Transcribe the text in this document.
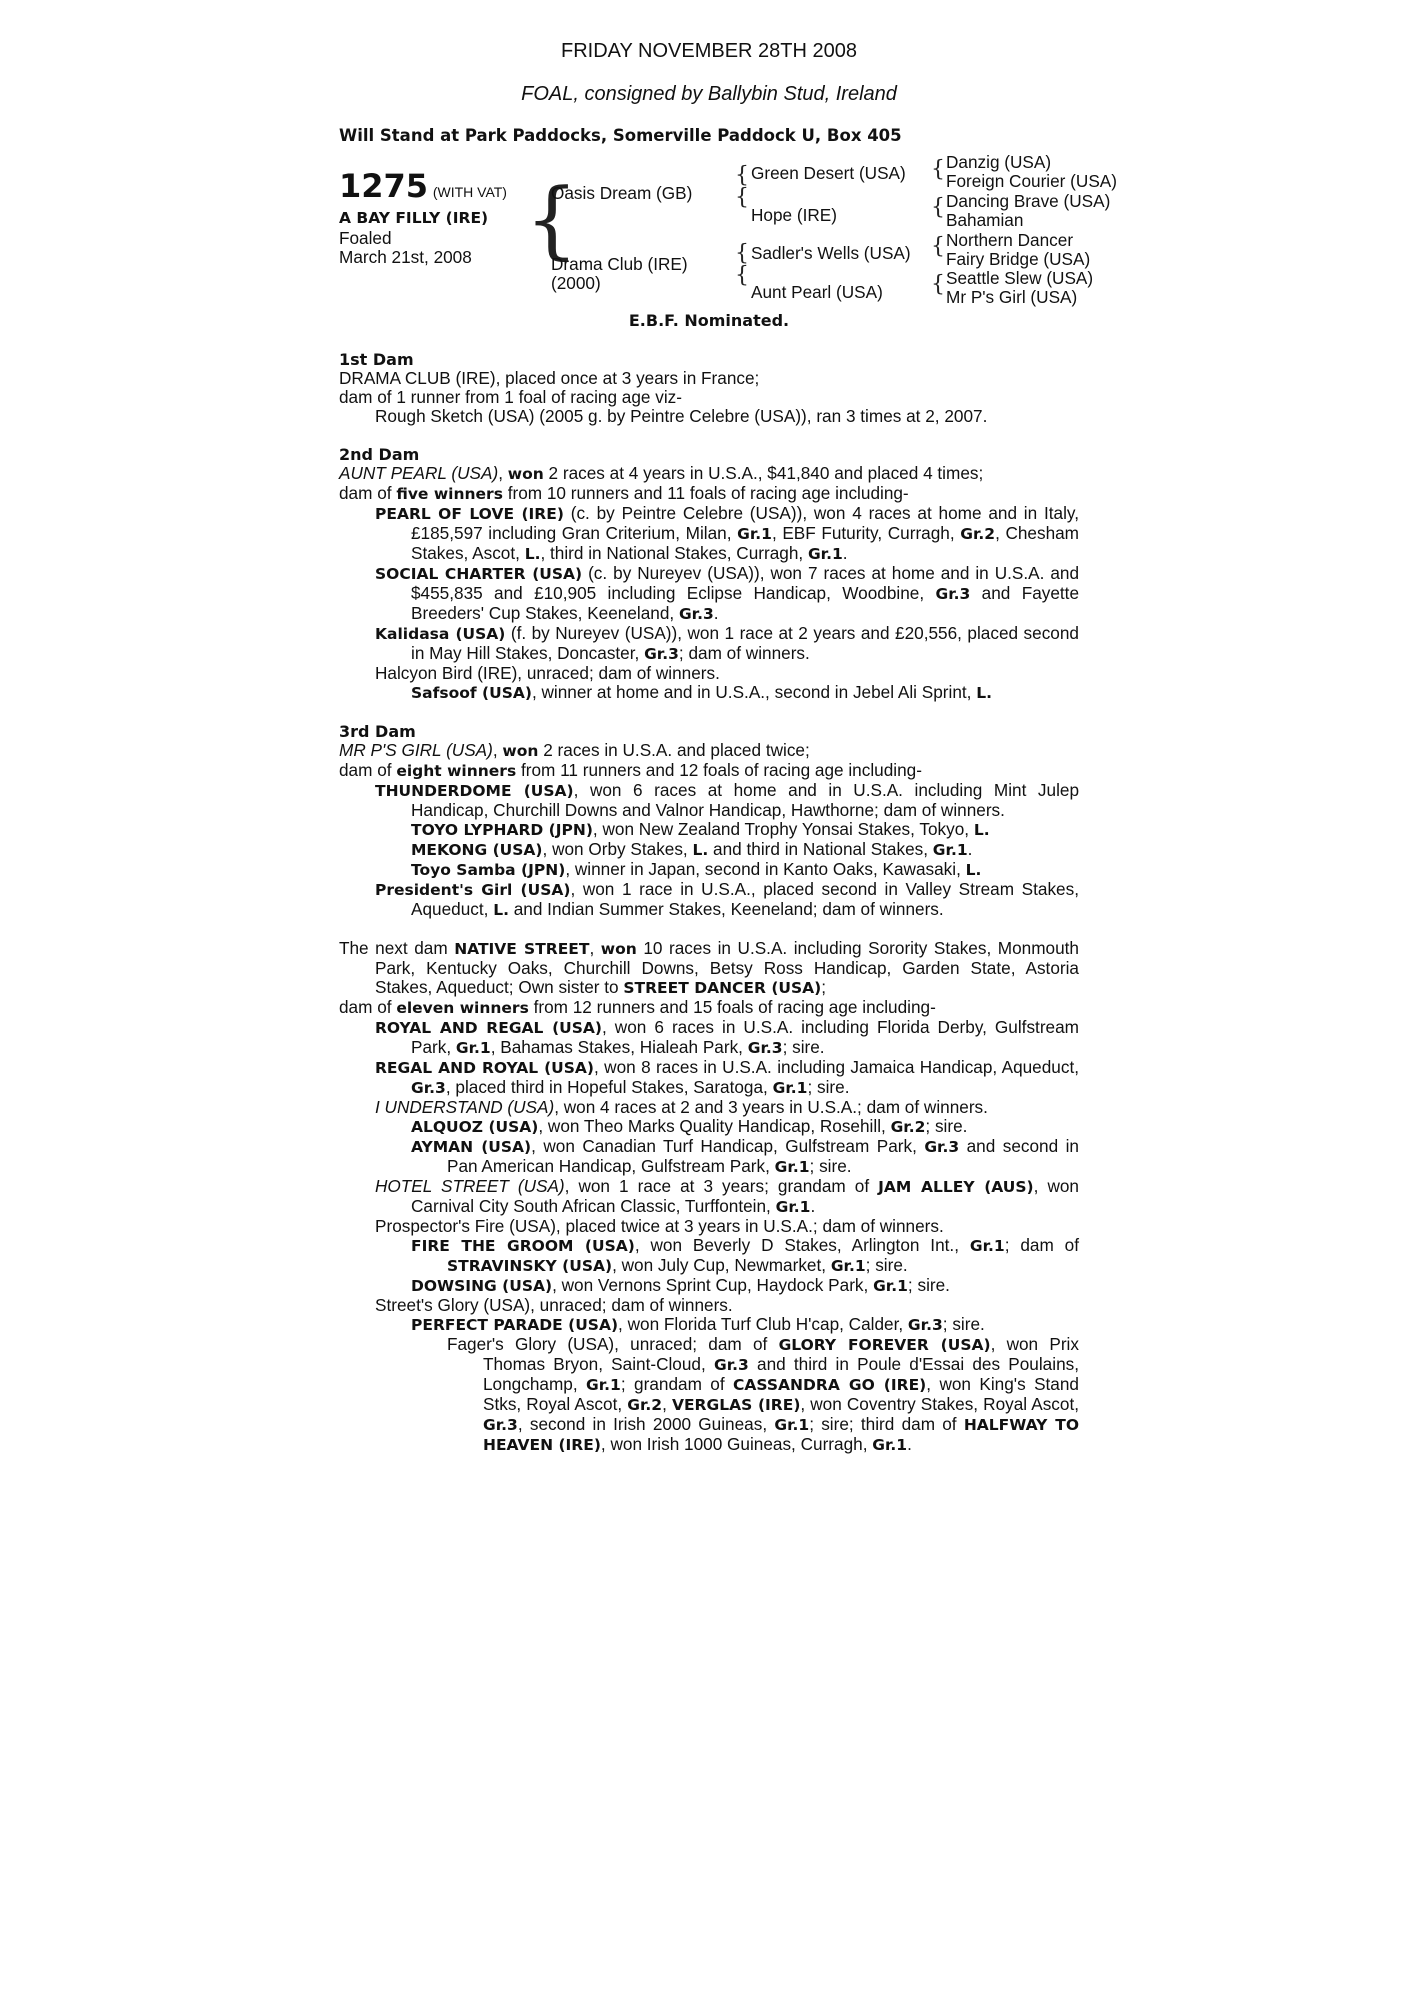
FRIDAY NOVEMBER 28TH 2008
FOAL, consigned by Ballybin Stud, Ireland
Will Stand at Park Paddocks, Somerville Paddock U, Box 405
1275 (WITH VAT)
A BAY FILLY (IRE)
Foaled
March 21st, 2008 {
Oasis Dream (GB)
Drama Club (IRE)
(2000)
{
{
Green Desert (USA)
Hope (IRE)
{
{
Sadler's Wells (USA)
Aunt Pearl (USA)
{
{
{
{
Danzig (USA)
Foreign Courier (USA)
Dancing Brave (USA)
Bahamian
Northern Dancer
Fairy Bridge (USA)
Seattle Slew (USA)
Mr P's Girl (USA)
E.B.F. Nominated.
1st Dam

DRAMA CLUB (IRE), placed once at 3 years in France;

dam of 1 runner from 1 foal of racing age viz-

Rough Sketch (USA) (2005 g. by Peintre Celebre (USA)), ran 3 times at 2, 2007.

2nd Dam

AUNT PEARL (USA), won 2 races at 4 years in U.S.A., $41,840 and placed 4 times;

dam of five winners from 10 runners and 11 foals of racing age including-

PEARL OF LOVE (IRE) (c. by Peintre Celebre (USA)), won 4 races at home and in Italy, £185,597 including Gran Criterium, Milan, Gr.1, EBF Futurity, Curragh, Gr.2, Chesham Stakes, Ascot, L., third in National Stakes, Curragh, Gr.1.

SOCIAL CHARTER (USA) (c. by Nureyev (USA)), won 7 races at home and in U.S.A. and $455,835 and £10,905 including Eclipse Handicap, Woodbine, Gr.3 and Fayette Breeders' Cup Stakes, Keeneland, Gr.3.

Kalidasa (USA) (f. by Nureyev (USA)), won 1 race at 2 years and £20,556, placed second in May Hill Stakes, Doncaster, Gr.3; dam of winners.

Halcyon Bird (IRE), unraced; dam of winners.

Safsoof (USA), winner at home and in U.S.A., second in Jebel Ali Sprint, L.

3rd Dam

MR P'S GIRL (USA), won 2 races in U.S.A. and placed twice;

dam of eight winners from 11 runners and 12 foals of racing age including-

THUNDERDOME (USA), won 6 races at home and in U.S.A. including Mint Julep Handicap, Churchill Downs and Valnor Handicap, Hawthorne; dam of winners.

TOYO LYPHARD (JPN), won New Zealand Trophy Yonsai Stakes, Tokyo, L.

MEKONG (USA), won Orby Stakes, L. and third in National Stakes, Gr.1.

Toyo Samba (JPN), winner in Japan, second in Kanto Oaks, Kawasaki, L.

President's Girl (USA), won 1 race in U.S.A., placed second in Valley Stream Stakes, Aqueduct, L. and Indian Summer Stakes, Keeneland; dam of winners.

The next dam NATIVE STREET, won 10 races in U.S.A. including Sorority Stakes, Monmouth Park, Kentucky Oaks, Churchill Downs, Betsy Ross Handicap, Garden State, Astoria Stakes, Aqueduct; Own sister to STREET DANCER (USA);

dam of eleven winners from 12 runners and 15 foals of racing age including-

ROYAL AND REGAL (USA), won 6 races in U.S.A. including Florida Derby, Gulfstream Park, Gr.1, Bahamas Stakes, Hialeah Park, Gr.3; sire.

REGAL AND ROYAL (USA), won 8 races in U.S.A. including Jamaica Handicap, Aqueduct, Gr.3, placed third in Hopeful Stakes, Saratoga, Gr.1; sire.

I UNDERSTAND (USA), won 4 races at 2 and 3 years in U.S.A.; dam of winners.

ALQUOZ (USA), won Theo Marks Quality Handicap, Rosehill, Gr.2; sire.

AYMAN (USA), won Canadian Turf Handicap, Gulfstream Park, Gr.3 and second in Pan American Handicap, Gulfstream Park, Gr.1; sire.

HOTEL STREET (USA), won 1 race at 3 years; grandam of JAM ALLEY (AUS), won Carnival City South African Classic, Turffontein, Gr.1.

Prospector's Fire (USA), placed twice at 3 years in U.S.A.; dam of winners.

FIRE THE GROOM (USA), won Beverly D Stakes, Arlington Int., Gr.1; dam of STRAVINSKY (USA), won July Cup, Newmarket, Gr.1; sire.

DOWSING (USA), won Vernons Sprint Cup, Haydock Park, Gr.1; sire.

Street's Glory (USA), unraced; dam of winners.

PERFECT PARADE (USA), won Florida Turf Club H'cap, Calder, Gr.3; sire.

Fager's Glory (USA), unraced; dam of GLORY FOREVER (USA), won Prix Thomas Bryon, Saint-Cloud, Gr.3 and third in Poule d'Essai des Poulains, Longchamp, Gr.1; grandam of CASSANDRA GO (IRE), won King's Stand Stks, Royal Ascot, Gr.2, VERGLAS (IRE), won Coventry Stakes, Royal Ascot, Gr.3, second in Irish 2000 Guineas, Gr.1; sire; third dam of HALFWAY TO HEAVEN (IRE), won Irish 1000 Guineas, Curragh, Gr.1.
